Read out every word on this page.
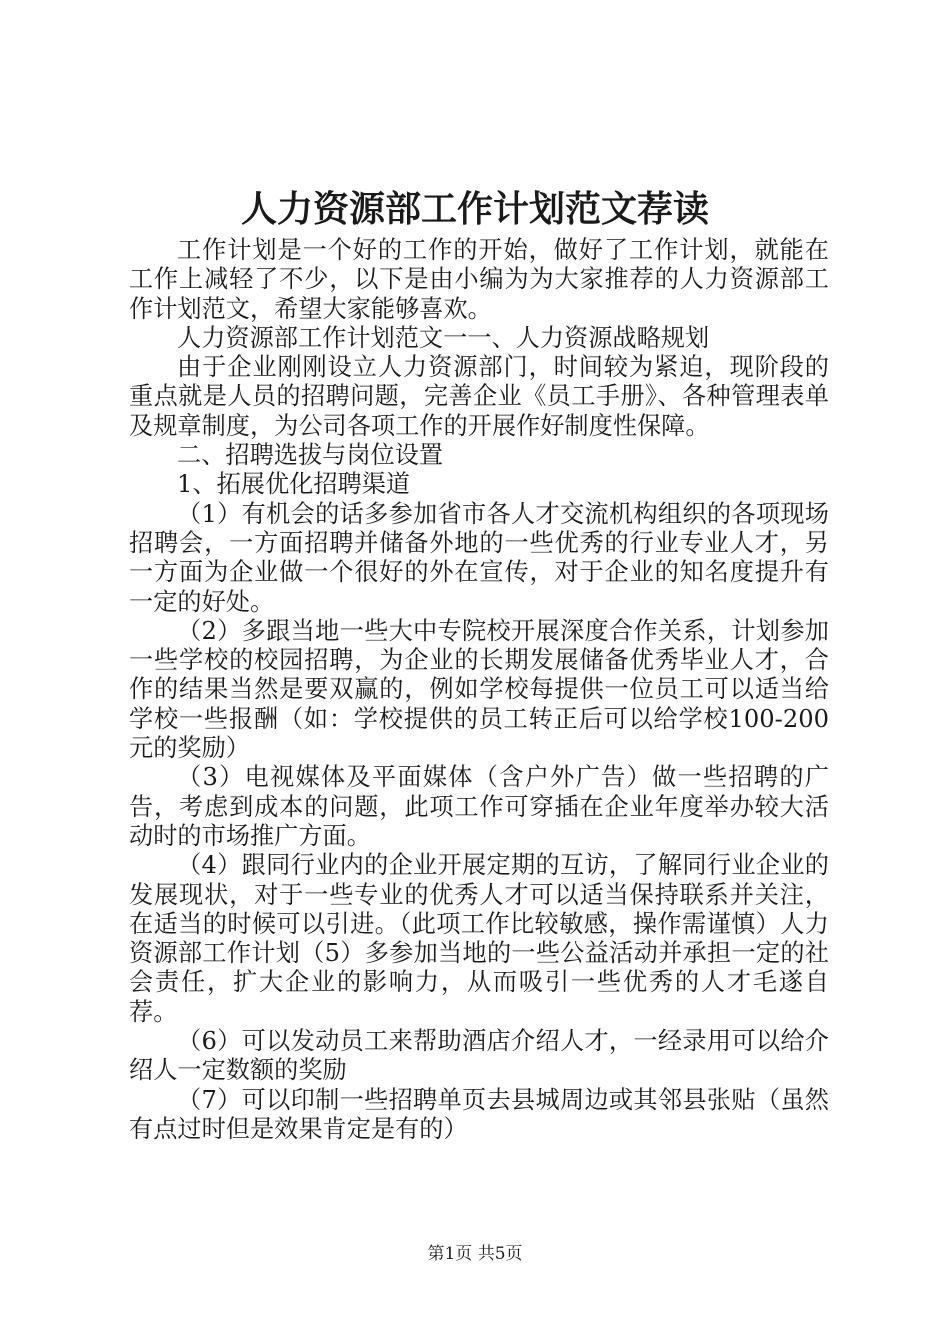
人力资源部工作计划范文荐读

工作计划是一个好的工作的开始，做好了工作计划，就能在工作上减轻了不少，以下是由小编为为大家推荐的人力资源部工作计划范文，希望大家能够喜欢。

人力资源部工作计划范文一一、人力资源战略规划

由于企业刚刚设立人力资源部门，时间较为紧迫，现阶段的重点就是人员的招聘问题，完善企业《员工手册》、各种管理表单及规章制度，为公司各项工作的开展作好制度性保障。

二、招聘选拔与岗位设置

1、拓展优化招聘渠道

（1）有机会的话多参加省市各人才交流机构组织的各项现场招聘会，一方面招聘并储备外地的一些优秀的行业专业人才，另一方面为企业做一个很好的外在宣传，对于企业的知名度提升有一定的好处。

（2）多跟当地一些大中专院校开展深度合作关系，计划参加一些学校的校园招聘，为企业的长期发展储备优秀毕业人才，合作的结果当然是要双赢的，例如学校每提供一位员工可以适当给学校一些报酬（如：学校提供的员工转正后可以给学校100-200元的奖励）

（3）电视媒体及平面媒体（含户外广告）做一些招聘的广告，考虑到成本的问题，此项工作可穿插在企业年度举办较大活动时的市场推广方面。

（4）跟同行业内的企业开展定期的互访，了解同行业企业的发展现状，对于一些专业的优秀人才可以适当保持联系并关注，在适当的时候可以引进。（此项工作比较敏感，操作需谨慎）人力资源部工作计划（5）多参加当地的一些公益活动并承担一定的社会责任，扩大企业的影响力，从而吸引一些优秀的人才毛遂自荐。

（6）可以发动员工来帮助酒店介绍人才，一经录用可以给介绍人一定数额的奖励

（7）可以印制一些招聘单页去县城周边或其邻县张贴（虽然有点过时但是效果肯定是有的）

第1页 共5页
